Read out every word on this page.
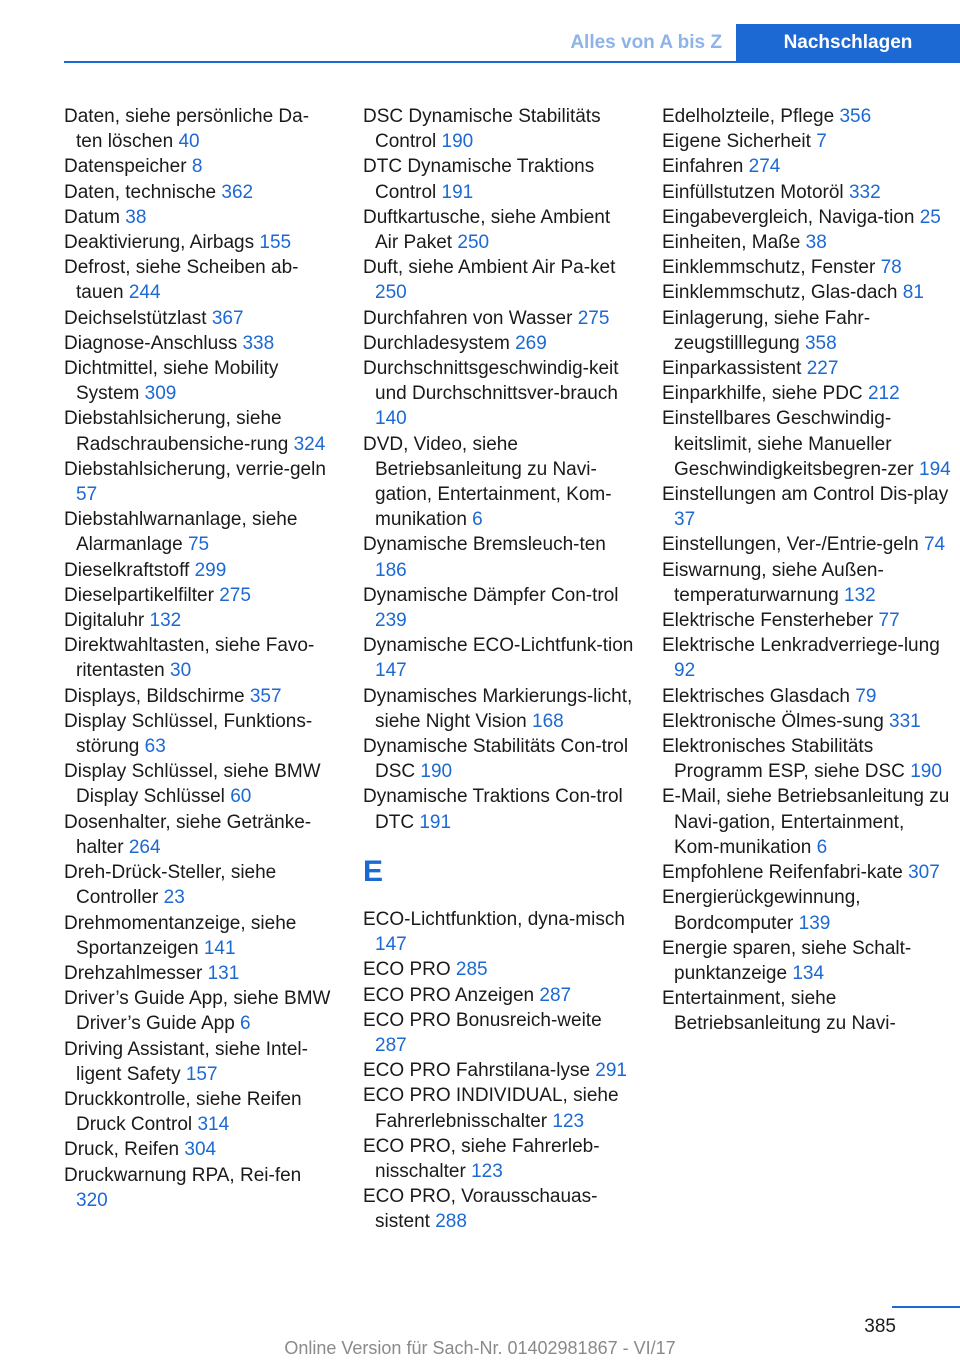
Alles von A bis Z	Nachschlagen
Daten, siehe persönliche Da-ten löschen 40
Datenspeicher 8
Daten, technische 362
Datum 38
Deaktivierung, Airbags 155
Defrost, siehe Scheiben ab-tauen 244
Deichselstützlast 367
Diagnose-Anschluss 338
Dichtmittel, siehe Mobility System 309
Diebstahlsicherung, siehe Radschraubensiche-rung 324
Diebstahlsicherung, verrie-geln 57
Diebstahlwarnanlage, siehe Alarmanlage 75
Dieselkraftstoff 299
Dieselpartikelfilter 275
Digitaluhr 132
Direktwahltasten, siehe Favo-ritentasten 30
Displays, Bildschirme 357
Display Schlüssel, Funktions-störung 63
Display Schlüssel, siehe BMW Display Schlüssel 60
Dosenhalter, siehe Getränke-halter 264
Dreh-Drück-Steller, siehe Controller 23
Drehmomentanzeige, siehe Sportanzeigen 141
Drehzahlmesser 131
Driver’s Guide App, siehe BMW Driver’s Guide App 6
Driving Assistant, siehe Intel-ligent Safety 157
Druckkontrolle, siehe Reifen Druck Control 314
Druck, Reifen 304
Druckwarnung RPA, Rei-fen 320
DSC Dynamische Stabilitäts Control 190
DTC Dynamische Traktions Control 191
Duftkartusche, siehe Ambient Air Paket 250
Duft, siehe Ambient Air Pa-ket 250
Durchfahren von Wasser 275
Durchladesystem 269
Durchschnittsgeschwindig-keit und Durchschnittsver-brauch 140
DVD, Video, siehe Betriebsanleitung zu Navi-gation, Entertainment, Kom-munikation 6
Dynamische Bremsleuch-ten 186
Dynamische Dämpfer Con-trol 239
Dynamische ECO-Lichtfunk-tion 147
Dynamisches Markierungs-licht, siehe Night Vision 168
Dynamische Stabilitäts Con-trol DSC 190
Dynamische Traktions Con-trol DTC 191
E
ECO-Lichtfunktion, dyna-misch 147
ECO PRO 285
ECO PRO Anzeigen 287
ECO PRO Bonusreich-weite 287
ECO PRO Fahrstilana-lyse 291
ECO PRO INDIVIDUAL, siehe Fahrerlebnisschalter 123
ECO PRO, siehe Fahrerleb-nisschalter 123
ECO PRO, Vorausschauas-sistent 288
Edelholzteile, Pflege 356
Eigene Sicherheit 7
Einfahren 274
Einfüllstutzen Motoröl 332
Eingabevergleich, Naviga-tion 25
Einheiten, Maße 38
Einklemmschutz, Fenster 78
Einklemmschutz, Glas-dach 81
Einlagerung, siehe Fahr-zeugstilllegung 358
Einparkassistent 227
Einparkhilfe, siehe PDC 212
Einstellbares Geschwindig-keitslimit, siehe Manueller Geschwindigkeitsbegren-zer 194
Einstellungen am Control Dis-play 37
Einstellungen, Ver-/Entrie-geln 74
Eiswarnung, siehe Außen-temperaturwarnung 132
Elektrische Fensterheber 77
Elektrische Lenkradverriege-lung 92
Elektrisches Glasdach 79
Elektronische Ölmes-sung 331
Elektronisches Stabilitäts Programm ESP, siehe DSC 190
E-Mail, siehe Betriebsanleitung zu Navi-gation, Entertainment, Kom-munikation 6
Empfohlene Reifenfabri-kate 307
Energierückgewinnung, Bordcomputer 139
Energie sparen, siehe Schalt-punktanzeige 134
Entertainment, siehe Betriebsanleitung zu Navi-
385
Online Version für Sach-Nr. 01402981867 - VI/17
